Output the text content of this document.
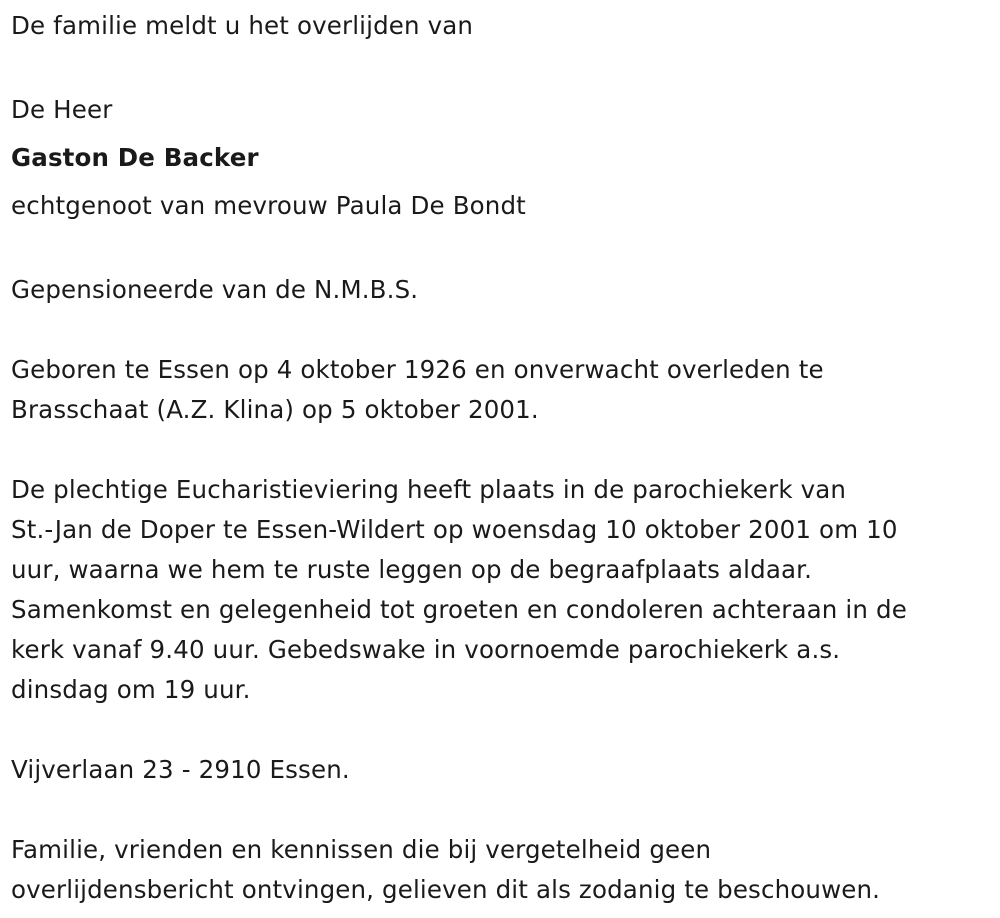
De familie meldt u het overlijden van

De Heer

Gaston De Backer

echtgenoot van mevrouw Paula De Bondt

Gepensioneerde van de N.M.B.S.

Geboren te Essen op 4 oktober 1926 en onverwacht overleden te

Brasschaat (A.Z. Klina) op 5 oktober 2001.

De plechtige Eucharistieviering heeft plaats in de parochiekerk van

St.-Jan de Doper te Essen-Wildert op woensdag 10 oktober 2001 om 10

uur, waarna we hem te ruste leggen op de begraafplaats aldaar.

Samenkomst en gelegenheid tot groeten en condoleren achteraan in de

kerk vanaf 9.40 uur. Gebedswake in voornoemde parochiekerk a.s.

dinsdag om 19 uur.

Vijverlaan 23 - 2910 Essen.

Familie, vrienden en kennissen die bij vergetelheid geen

overlijdensbericht ontvingen, gelieven dit als zodanig te beschouwen.
